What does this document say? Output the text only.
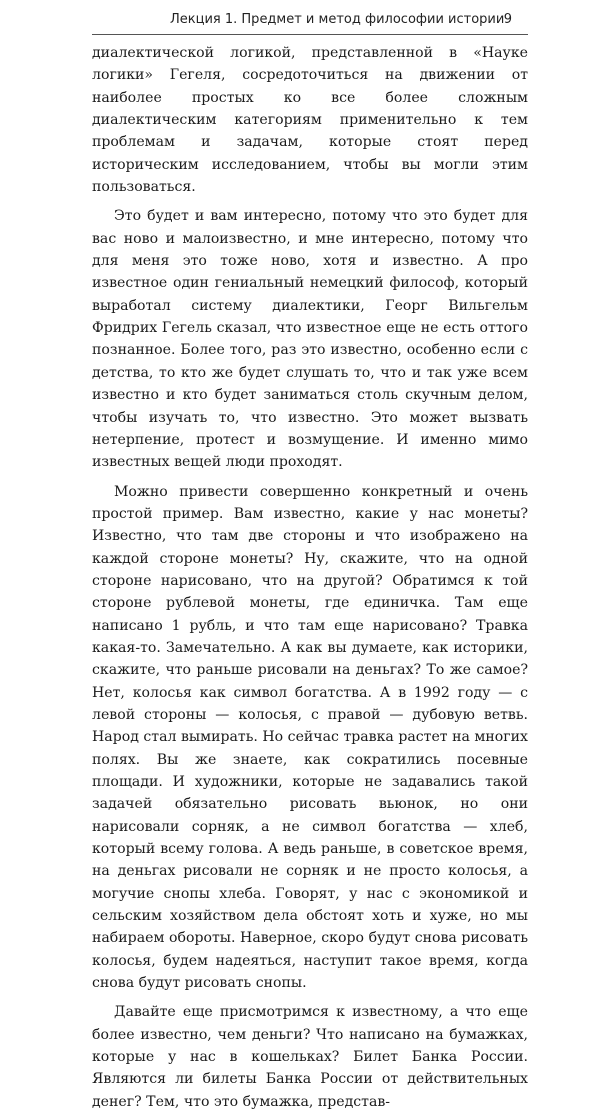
Лекция 1. Предмет и метод философии истории 9

диалектической логикой, представленной в «Науке логики» Гегеля, сосредоточиться на движении от наиболее простых ко все более сложным диалектическим категориям применительно к тем проблемам и задачам, которые стоят перед историческим исследованием, чтобы вы могли этим пользоваться.

Это будет и вам интересно, потому что это будет для вас ново и малоизвестно, и мне интересно, потому что для меня это тоже ново, хотя и известно. А про известное один гениальный немецкий философ, который выработал систему диалектики, Георг Вильгельм Фридрих Гегель сказал, что известное еще не есть оттого познанное. Более того, раз это известно, особенно если с детства, то кто же будет слушать то, что и так уже всем известно и кто будет заниматься столь скучным делом, чтобы изучать то, что известно. Это может вызвать нетерпение, протест и возмущение. И именно мимо известных вещей люди проходят.

Можно привести совершенно конкретный и очень простой пример. Вам известно, какие у нас монеты? Известно, что там две стороны и что изображено на каждой стороне монеты? Ну, скажите, что на одной стороне нарисовано, что на другой? Обратимся к той стороне рублевой монеты, где единичка. Там еще написано 1 рубль, и что там еще нарисовано? Травка какая-то. Замечательно. А как вы думаете, как историки, скажите, что раньше рисовали на деньгах? То же самое? Нет, колосья как символ богатства. А в 1992 году — с левой стороны — колосья, с правой — дубовую ветвь. Народ стал вымирать. Но сейчас травка растет на многих полях. Вы же знаете, как сократились посевные площади. И художники, которые не задавались такой задачей обязательно рисовать вьюнок, но они нарисовали сорняк, а не символ богатства — хлеб, который всему голова. А ведь раньше, в советское время, на деньгах рисовали не сорняк и не просто колосья, а могучие снопы хлеба. Говорят, у нас с экономикой и сельским хозяйством дела обстоят хоть и хуже, но мы набираем обороты. Наверное, скоро будут снова рисовать колосья, будем надеяться, наступит такое время, когда снова будут рисовать снопы.

Давайте еще присмотримся к известному, а что еще более известно, чем деньги? Что написано на бумажках, которые у нас в кошельках? Билет Банка России. Являются ли билеты Банка России от действительных денег? Тем, что это бумажка, представ-
